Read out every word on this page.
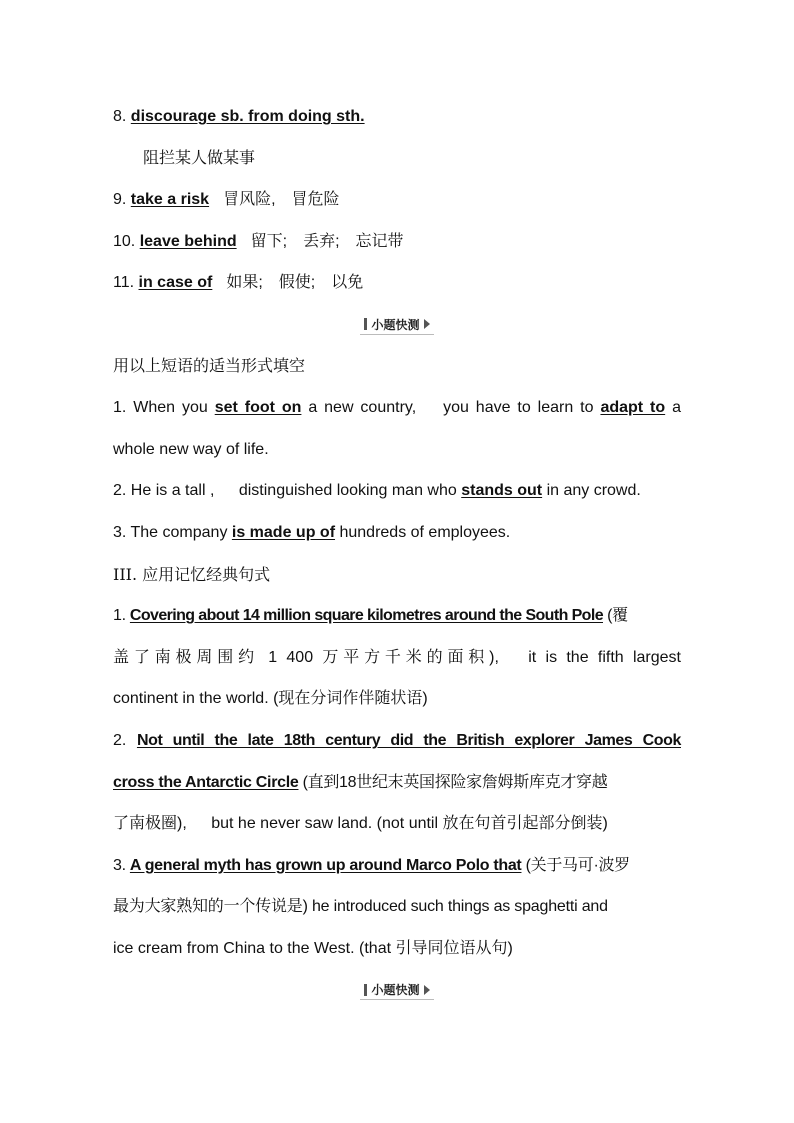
8. discourage sb. from doing sth.
阻拦某人做某事
9. take a risk 冒风险,　冒危险
10. leave behind 留下;　丢弃;　忘记带
11. in case of 如果;　假使;　以免
小题快测
用以上短语的适当形式填空
1. When you set foot on a new country, you have to learn to adapt to a
whole new way of life.
2. He is a tall , distinguished looking man who stands out in any crowd.
3. The company is made up of hundreds of employees.
III. 应用记忆经典句式
1. Covering about 14 million square kilometres around the South Pole (覆
盖了南极周围约 1 400 万平方千米的面积), it is the fifth largest
continent in the world. (现在分词作伴随状语)
2. Not until the late 18th century did the British explorer James Cook
cross the Antarctic Circle (直到18世纪末英国探险家詹姆斯库克才穿越
了南极圈), but he never saw land. (not until 放在句首引起部分倒装)
3. A general myth has grown up around Marco Polo that (关于马可·波罗
最为大家熟知的一个传说是) he introduced such things as spaghetti and
ice cream from China to the West. (that 引导同位语从句)
小题快测
